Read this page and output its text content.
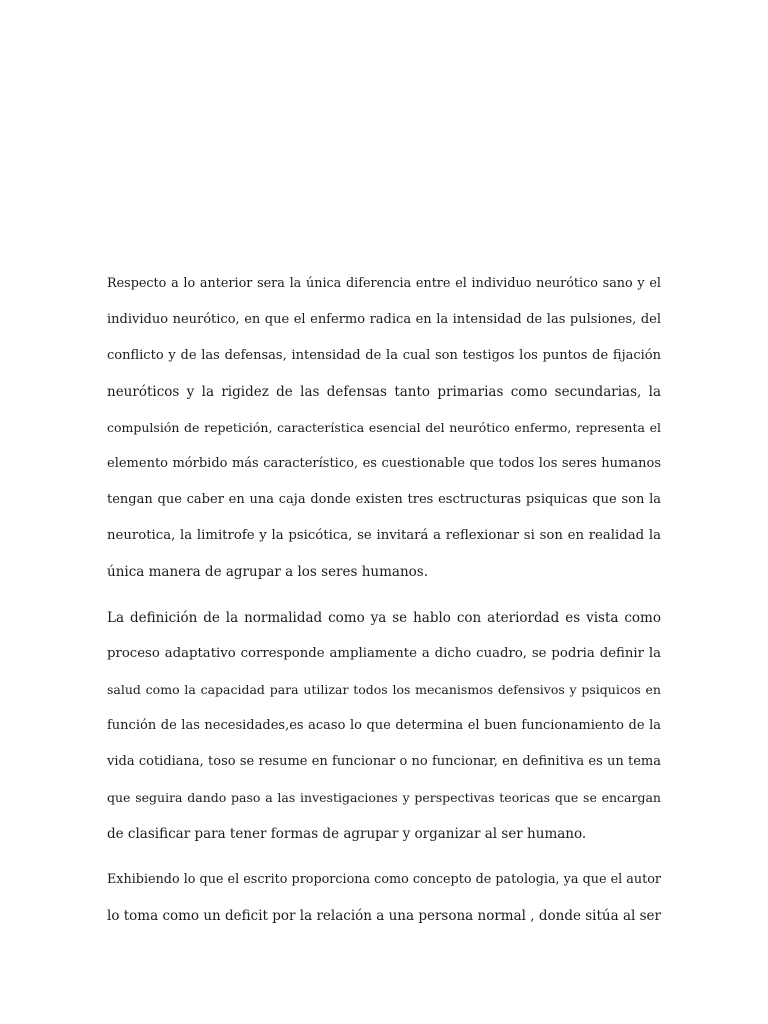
Respecto a lo anterior sera la única diferencia entre el individuo neurótico sano y el
individuo neurótico, en que el enfermo radica en la intensidad de las pulsiones, del
conflicto y de las defensas, intensidad de la cual son testigos los puntos de fijación
neuróticos y la rigidez de las defensas tanto primarias como secundarias, la
compulsión de repetición, característica esencial del neurótico enfermo, representa el
elemento mórbido más característico, es cuestionable que todos los seres humanos
tengan que caber en una caja donde existen tres esctructuras psiquicas que son la
neurotica, la limitrofe y la psicótica, se invitará a reflexionar si son en realidad la
única manera de agrupar a los seres humanos.

La definición de la normalidad como ya se hablo con ateriordad es vista como
proceso adaptativo corresponde ampliamente a dicho cuadro, se podria definir la
salud como la capacidad para utilizar todos los mecanismos defensivos y psiquicos en
función de las necesidades,es acaso lo que determina el buen funcionamiento de la
vida cotidiana, toso se resume en funcionar o no funcionar, en definitiva es un tema
que seguira dando paso a las investigaciones y perspectivas teoricas que se encargan
de clasificar para tener formas de agrupar y organizar al ser humano.

Exhibiendo lo que el escrito proporciona como concepto de patologia, ya que el autor
lo toma como un deficit por la relación a una persona normal , donde sitúa al ser
